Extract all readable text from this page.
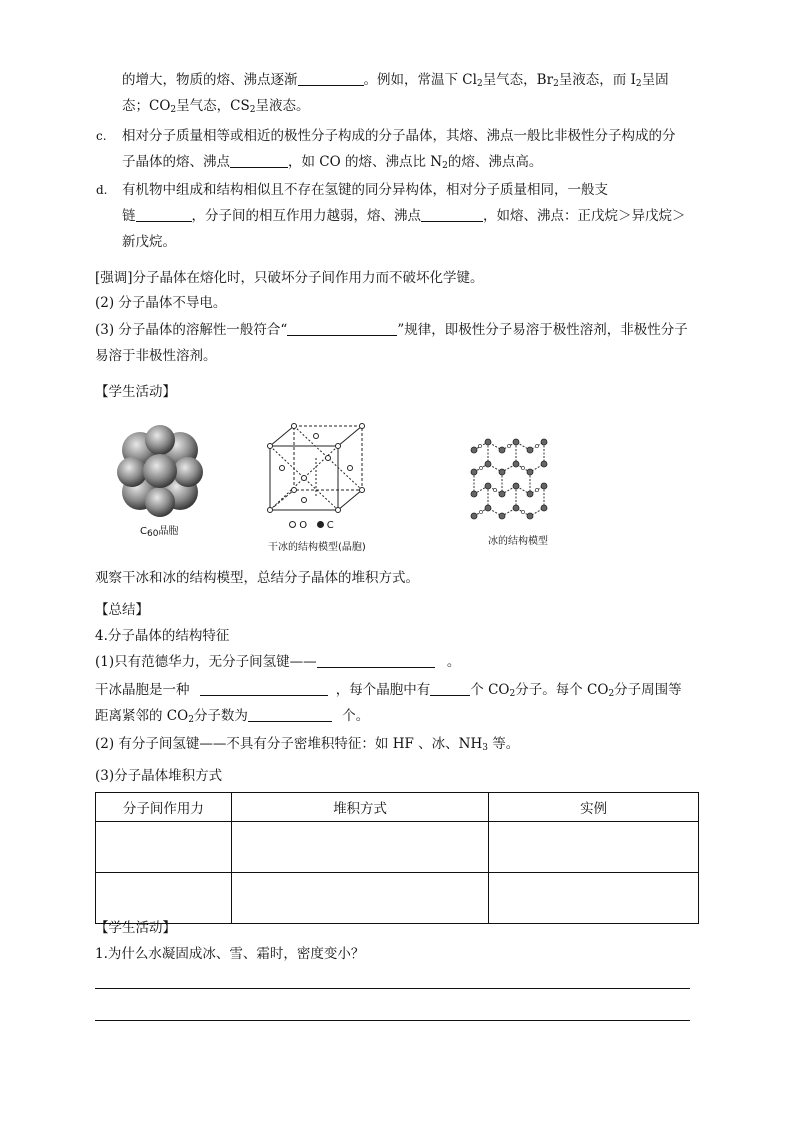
的增大，物质的熔、沸点逐渐	。例如，常温下 $Cl_2$呈气态，$Br_2$呈液态，而 $I_2$呈固
态；$CO_2$呈气态，$CS_2$呈液态。
c. 相对分子质量相等或相近的极性分子构成的分子晶体，其熔、沸点一般比非极性分子构成的分
子晶体的熔、沸点	，如 CO 的熔、沸点比 $N_2$的熔、沸点高。
d. 有机物中组成和结构相似且不存在氢键的同分异构体，相对分子质量相同，一般支
链	，分子间的相互作用力越弱，熔、沸点	，如熔、沸点：正戊烷＞异戊烷＞
新戊烷。
[强调]分子晶体在熔化时，只破坏分子间作用力而不破坏化学键。
(2) 分子晶体不导电。
(3) 分子晶体的溶解性一般符合“	”规律，即极性分子易溶于极性溶剂，非极性分子
易溶于非极性溶剂。
【学生活动】
$C_{60}$晶胞
O C
干冰的结构模型(晶胞)
冰的结构模型
观察干冰和冰的结构模型，总结分子晶体的堆积方式。
【总结】
4.分子晶体的结构特征
(1)只有范德华力，无分子间氢键——	。
干冰晶胞是一种	，每个晶胞中有	个 $CO_2$分子。每个 $CO_2$分子周围等
距离紧邻的 $CO_2$分子数为	个。
(2) 有分子间氢键——不具有分子密堆积特征：如 HF 、冰、$NH_3$ 等。
(3)分子晶体堆积方式
分子间作用力	堆积方式	实例

【学生活动】
1.为什么水凝固成冰、雪、霜时，密度变小？
